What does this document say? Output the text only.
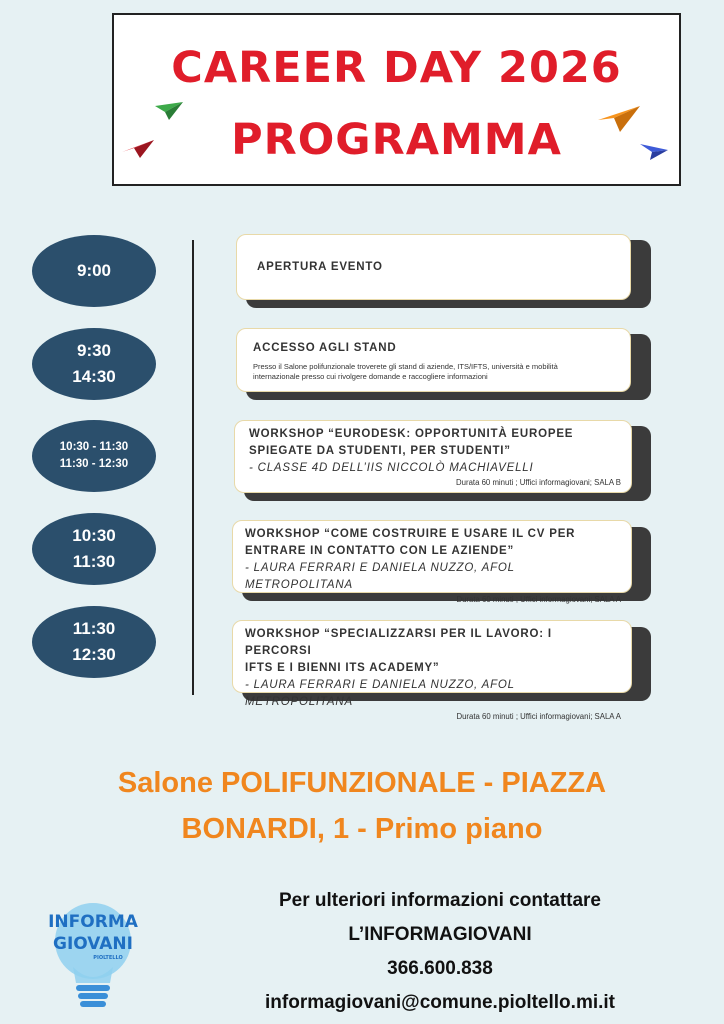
CAREER DAY 2026
PROGRAMMA
9:00	APERTURA EVENTO
9:30
14:30
ACCESSO AGLI STAND
Presso il Salone polifunzionale troverete gli stand di aziende, ITS/IFTS, università e mobilità
internazionale presso cui rivolgere domande e raccogliere informazioni
10:30 - 11:30
11:30 - 12:30
WORKSHOP “EURODESK: OPPORTUNITÀ EUROPEE
SPIEGATE DA STUDENTI, PER STUDENTI”
- CLASSE 4D DELL’IIS NICCOLÒ MACHIAVELLI
Durata 60 minuti ; Uffici informagiovani; SALA B
10:30
11:30
WORKSHOP “COME COSTRUIRE E USARE IL CV PER
ENTRARE IN CONTATTO CON LE AZIENDE”
- LAURA FERRARI E DANIELA NUZZO, AFOL METROPOLITANA
Durata 60 minuti ; Uffici informagiovani; SALA A
11:30
12:30
WORKSHOP “SPECIALIZZARSI PER IL LAVORO: I PERCORSI
IFTS E I BIENNI ITS ACADEMY”
- LAURA FERRARI E DANIELA NUZZO, AFOL METROPOLITANA
Durata 60 minuti ; Uffici informagiovani; SALA A
Salone POLIFUNZIONALE - PIAZZA
BONARDI, 1 - Primo piano
INFORMA
GIOVANI
PIOLTELLO
Per ulteriori informazioni contattare
L’INFORMAGIOVANI
366.600.838
informagiovani@comune.pioltello.mi.it
